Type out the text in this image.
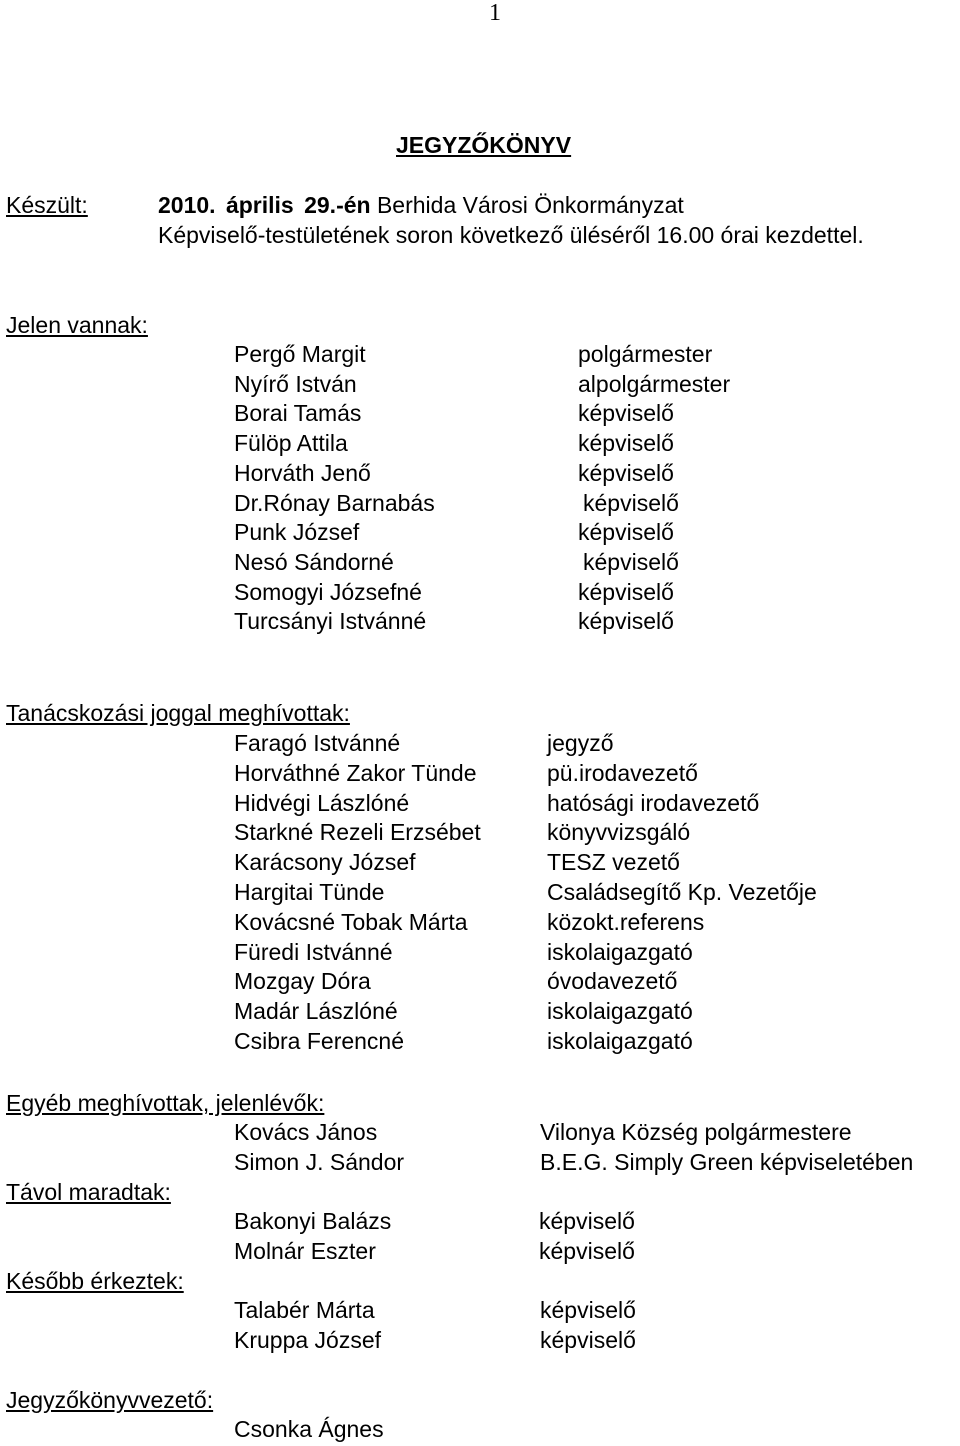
1
JEGYZŐKÖNYV
Készült:	2010. április 29.-én Berhida Városi Önkormányzat
Képviselő-testületének soron következő üléséről 16.00 órai kezdettel.
Jelen vannak:
Pergő Margit	polgármester
Nyírő István	alpolgármester
Borai Tamás	képviselő
Fülöp Attila	képviselő
Horváth Jenő	képviselő
Dr.Rónay Barnabás	képviselő
Punk József	képviselő
Nesó Sándorné	képviselő
Somogyi Józsefné	képviselő
Turcsányi Istvánné	képviselő
Tanácskozási joggal meghívottak:
Faragó Istvánné	jegyző
Horváthné Zakor Tünde	pü.irodavezető
Hidvégi Lászlóné	hatósági irodavezető
Starkné Rezeli Erzsébet	könyvvizsgáló
Karácsony József	TESZ vezető
Hargitai Tünde	Családsegítő Kp. Vezetője
Kovácsné Tobak Márta	közokt.referens
Füredi Istvánné	iskolaigazgató
Mozgay Dóra	óvodavezető
Madár Lászlóné	iskolaigazgató
Csibra Ferencné	iskolaigazgató
Egyéb meghívottak, jelenlévők:
Kovács János	Vilonya Község polgármestere
Simon J. Sándor	B.E.G. Simply Green képviseletében
Távol maradtak:
Bakonyi Balázs	képviselő
Molnár Eszter	képviselő
Később érkeztek:
Talabér Márta	képviselő
Kruppa József	képviselő
Jegyzőkönyvvezető:
Csonka Ágnes
